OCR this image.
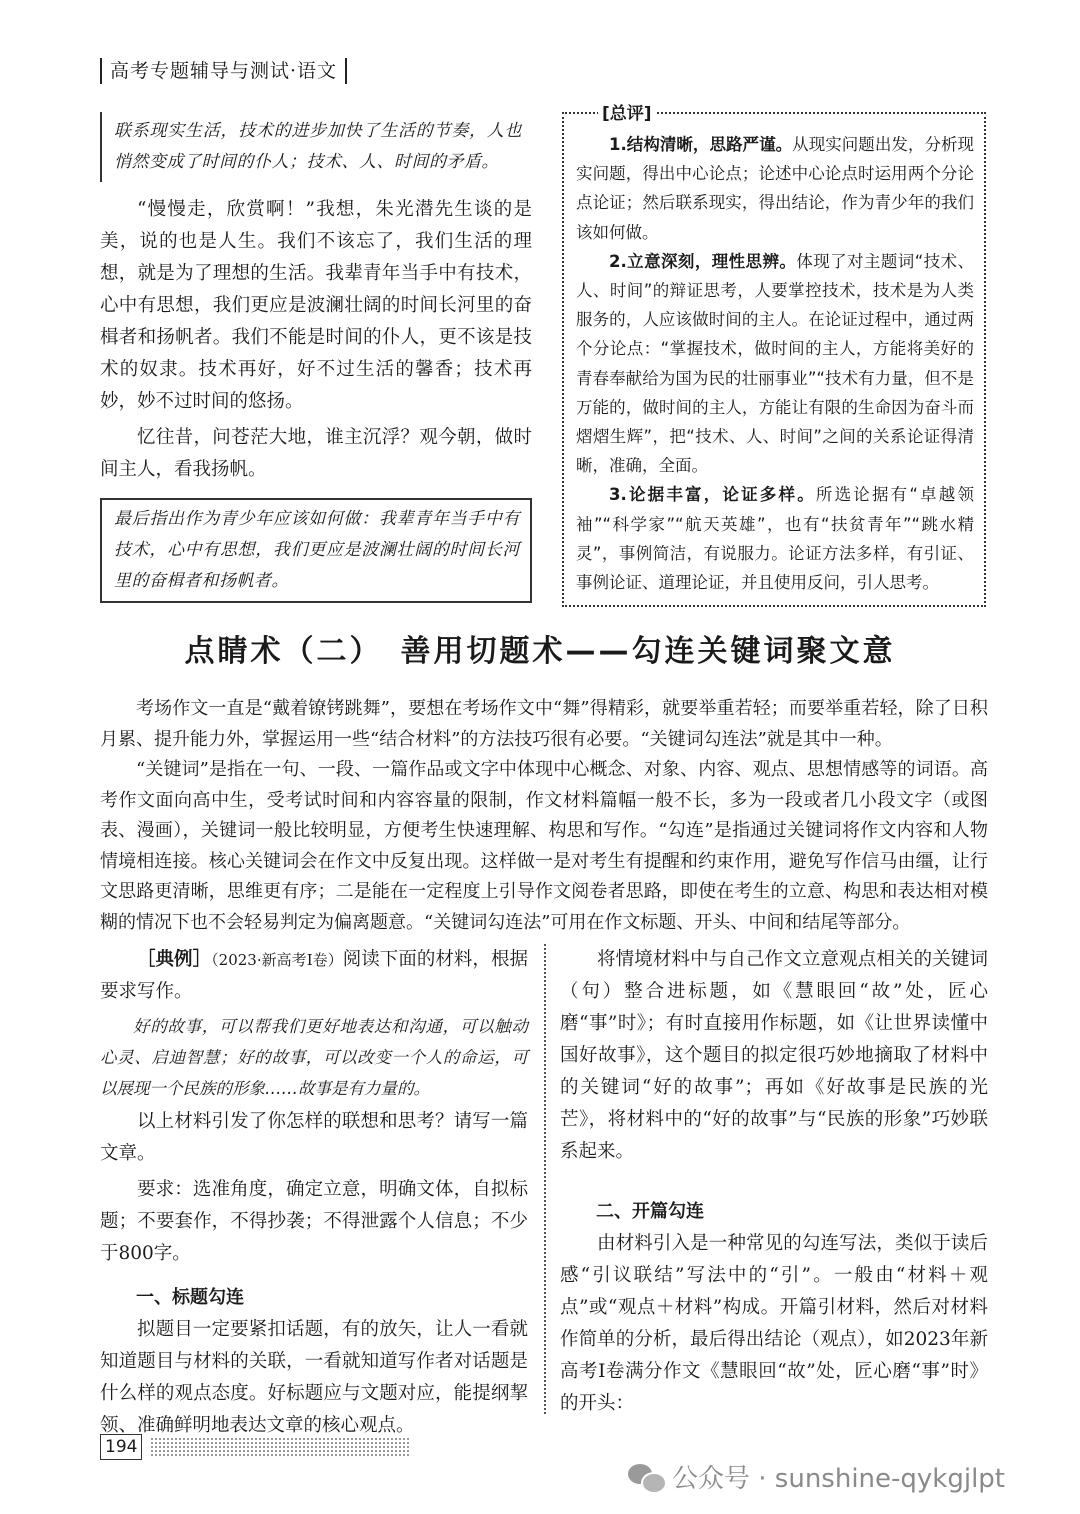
高考专题辅导与测试·语文

联系现实生活，技术的进步加快了生活的节奏，人也悄然变成了时间的仆人；技术、人、时间的矛盾。

“慢慢走，欣赏啊！”我想，朱光潜先生谈的是美，说的也是人生。我们不该忘了，我们生活的理想，就是为了理想的生活。我辈青年当手中有技术，心中有思想，我们更应是波澜壮阔的时间长河里的奋楫者和扬帆者。我们不能是时间的仆人，更不该是技术的奴隶。技术再好，好不过生活的馨香；技术再妙，妙不过时间的悠扬。

忆往昔，问苍茫大地，谁主沉浮？观今朝，做时间主人，看我扬帆。

最后指出作为青少年应该如何做：我辈青年当手中有技术，心中有思想，我们更应是波澜壮阔的时间长河里的奋楫者和扬帆者。

[总评]

1.结构清晰，思路严谨。从现实问题出发，分析现实问题，得出中心论点；论述中心论点时运用两个分论点论证；然后联系现实，得出结论，作为青少年的我们该如何做。

2.立意深刻，理性思辨。体现了对主题词“技术、人、时间”的辩证思考，人要掌控技术，技术是为人类服务的，人应该做时间的主人。在论证过程中，通过两个分论点：“掌握技术，做时间的主人，方能将美好的青春奉献给为国为民的壮丽事业”“技术有力量，但不是万能的，做时间的主人，方能让有限的生命因为奋斗而熠熠生辉”，把“技术、人、时间”之间的关系论证得清晰，准确，全面。

3.论据丰富，论证多样。所选论据有“卓越领袖”“科学家”“航天英雄”，也有“扶贫青年”“跳水精灵”，事例简洁，有说服力。论证方法多样，有引证、事例论证、道理论证，并且使用反问，引人思考。

点睛术（二）　善用切题术——勾连关键词聚文意

考场作文一直是“戴着镣铐跳舞”，要想在考场作文中“舞”得精彩，就要举重若轻；而要举重若轻，除了日积月累、提升能力外，掌握运用一些“结合材料”的方法技巧很有必要。“关键词勾连法”就是其中一种。

“关键词”是指在一句、一段、一篇作品或文字中体现中心概念、对象、内容、观点、思想情感等的词语。高考作文面向高中生，受考试时间和内容容量的限制，作文材料篇幅一般不长，多为一段或者几小段文字（或图表、漫画），关键词一般比较明显，方便考生快速理解、构思和写作。“勾连”是指通过关键词将作文内容和人物情境相连接。核心关键词会在作文中反复出现。这样做一是对考生有提醒和约束作用，避免写作信马由缰，让行文思路更清晰，思维更有序；二是能在一定程度上引导作文阅卷者思路，即使在考生的立意、构思和表达相对模糊的情况下也不会轻易判定为偏离题意。“关键词勾连法”可用在作文标题、开头、中间和结尾等部分。

［典例］（2023·新高考Ⅰ卷）阅读下面的材料，根据要求写作。

好的故事，可以帮我们更好地表达和沟通，可以触动心灵、启迪智慧；好的故事，可以改变一个人的命运，可以展现一个民族的形象……故事是有力量的。

以上材料引发了你怎样的联想和思考？请写一篇文章。

要求：选准角度，确定立意，明确文体，自拟标题；不要套作，不得抄袭；不得泄露个人信息；不少于800字。

一、标题勾连

拟题目一定要紧扣话题，有的放矢，让人一看就知道题目与材料的关联，一看就知道写作者对话题是什么样的观点态度。好标题应与文题对应，能提纲挈领、准确鲜明地表达文章的核心观点。

将情境材料中与自己作文立意观点相关的关键词（句）整合进标题，如《慧眼回“故”处，匠心磨“事”时》；有时直接用作标题，如《让世界读懂中国好故事》，这个题目的拟定很巧妙地摘取了材料中的关键词“好的故事”；再如《好故事是民族的光芒》，将材料中的“好的故事”与“民族的形象”巧妙联系起来。

二、开篇勾连

由材料引入是一种常见的勾连写法，类似于读后感“引议联结”写法中的“引”。一般由“材料＋观点”或“观点＋材料”构成。开篇引材料，然后对材料作简单的分析，最后得出结论（观点），如2023年新高考Ⅰ卷满分作文《慧眼回“故”处，匠心磨“事”时》的开头：

194
公众号 · sunshine-qykgjlpt
